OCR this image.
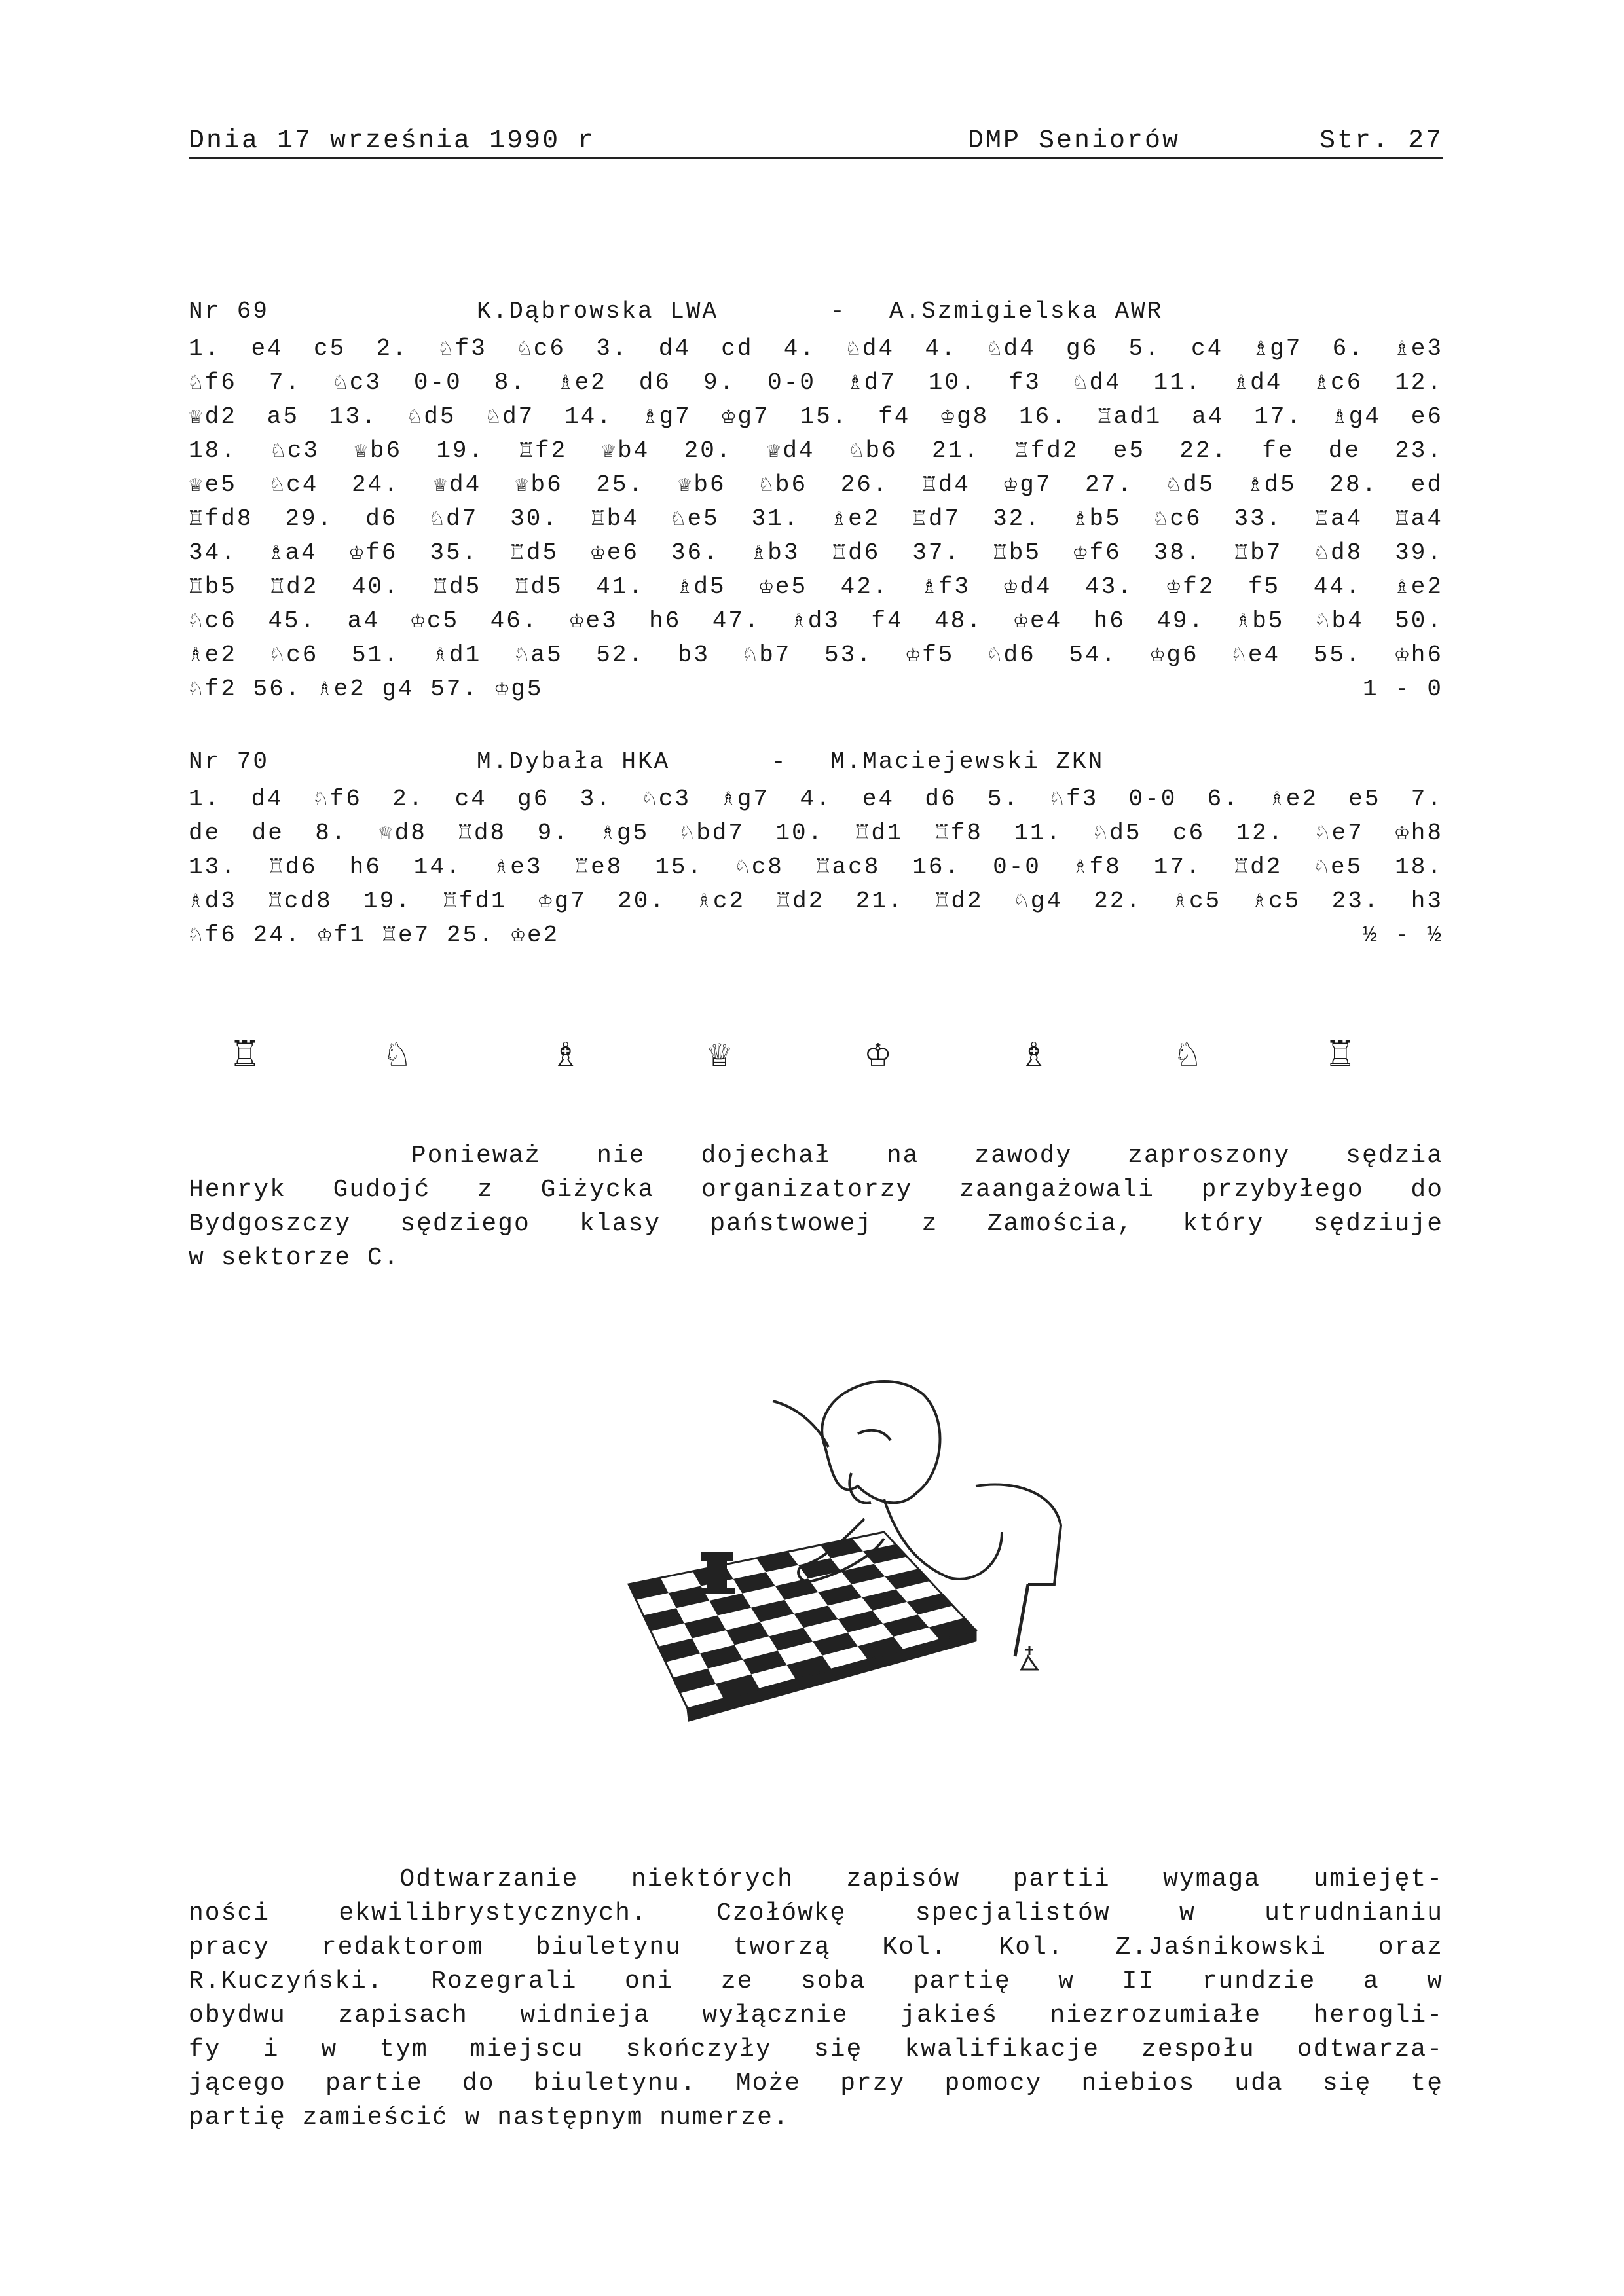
Dnia 17 września 1990 r	DMP Seniorów	Str. 27
Nr 69	K.Dąbrowska LWA	- A.Szmigielska AWR
1. e4 c5 2. ♘f3 ♘c6 3. d4 cd 4. ♘d4 4. ♘d4 g6 5. c4 ♗g7 6. ♗e3
♘f6 7. ♘c3 0-0 8. ♗e2 d6 9. 0-0 ♗d7 10. f3 ♘d4 11. ♗d4 ♗c6 12.
♕d2 a5 13. ♘d5 ♘d7 14. ♗g7 ♔g7 15. f4 ♔g8 16. ♖ad1 a4 17. ♗g4 e6
18. ♘c3 ♕b6 19. ♖f2 ♕b4 20. ♕d4 ♘b6 21. ♖fd2 e5 22. fe de 23.
♕e5 ♘c4 24. ♕d4 ♕b6 25. ♕b6 ♘b6 26. ♖d4 ♔g7 27. ♘d5 ♗d5 28. ed
♖fd8 29. d6 ♘d7 30. ♖b4 ♘e5 31. ♗e2 ♖d7 32. ♗b5 ♘c6 33. ♖a4 ♖a4
34. ♗a4 ♔f6 35. ♖d5 ♔e6 36. ♗b3 ♖d6 37. ♖b5 ♔f6 38. ♖b7 ♘d8 39.
♖b5 ♖d2 40. ♖d5 ♖d5 41. ♗d5 ♔e5 42. ♗f3 ♔d4 43. ♔f2 f5 44. ♗e2
♘c6 45. a4 ♔c5 46. ♔e3 h6 47. ♗d3 f4 48. ♔e4 h6 49. ♗b5 ♘b4 50.
♗e2 ♘c6 51. ♗d1 ♘a5 52. b3 ♘b7 53. ♔f5 ♘d6 54. ♔g6 ♘e4 55. ♔h6
♘f2 56. ♗e2 g4 57. ♔g5	1 - 0
Nr 70	M.Dybała HKA	- M.Maciejewski ZKN
1. d4 ♘f6 2. c4 g6 3. ♘c3 ♗g7 4. e4 d6 5. ♘f3 0-0 6. ♗e2 e5 7.
de de 8. ♕d8 ♖d8 9. ♗g5 ♘bd7 10. ♖d1 ♖f8 11. ♘d5 c6 12. ♘e7 ♔h8
13. ♖d6 h6 14. ♗e3 ♖e8 15. ♘c8 ♖ac8 16. 0-0 ♗f8 17. ♖d2 ♘e5 18.
♗d3 ♖cd8 19. ♖fd1 ♔g7 20. ♗c2 ♖d2 21. ♖d2 ♘g4 22. ♗c5 ♗c5 23. h3
♘f6 24. ♔f1 ♖e7 25. ♔e2	½ - ½
♖	♘	♗	♕	♔	♗	♘	♖
Ponieważ nie dojechał na zawody zaproszony sędzia
Henryk Gudojć z Giżycka organizatorzy zaangażowali przybyłego do
Bydgoszczy sędziego klasy państwowej z Zamościa, który sędziuje
w sektorze C.
Odtwarzanie niektórych zapisów partii wymaga umiejęt-
ności ekwilibrystycznych. Czołówkę specjalistów w utrudnianiu
pracy redaktorom biuletynu tworzą Kol. Kol. Z.Jaśnikowski oraz
R.Kuczyński. Rozegrali oni ze soba partię w II rundzie a w
obydwu zapisach widnieja wyłącznie jakieś niezrozumiałe herogli-
fy i w tym miejscu skończyły się kwalifikacje zespołu odtwarza-
jącego partie do biuletynu. Może przy pomocy niebios uda się tę
partię zamieścić w następnym numerze.
